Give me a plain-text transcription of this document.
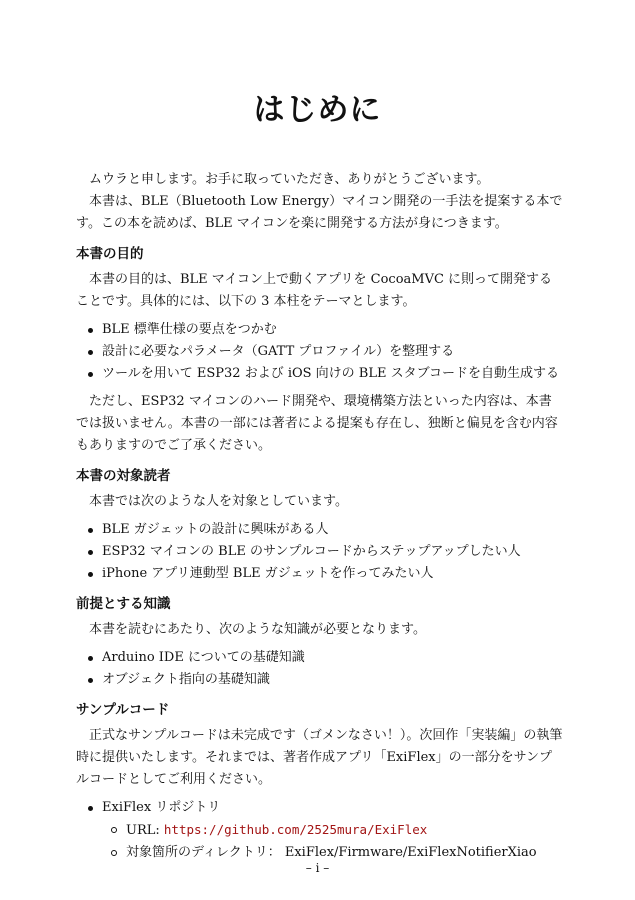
はじめに

ムウラと申します。お手に取っていただき、ありがとうございます。

本書は、BLE（Bluetooth Low Energy）マイコン開発の一手法を提案する本です。この本を読めば、BLE マイコンを楽に開発する方法が身につきます。

本書の目的

本書の目的は、BLE マイコン上で動くアプリを CocoaMVC に則って開発することです。具体的には、以下の 3 本柱をテーマとします。

BLE 標準仕様の要点をつかむ
設計に必要なパラメータ（GATT プロファイル）を整理する
ツールを用いて ESP32 および iOS 向けの BLE スタブコードを自動生成する

ただし、ESP32 マイコンのハード開発や、環境構築方法といった内容は、本書では扱いません。本書の一部には著者による提案も存在し、独断と偏見を含む内容もありますのでご了承ください。

本書の対象読者

本書では次のような人を対象としています。

BLE ガジェットの設計に興味がある人
ESP32 マイコンの BLE のサンプルコードからステップアップしたい人
iPhone アプリ連動型 BLE ガジェットを作ってみたい人
前提とする知識

本書を読むにあたり、次のような知識が必要となります。

Arduino IDE についての基礎知識
オブジェクト指向の基礎知識
サンプルコード

正式なサンプルコードは未完成です（ゴメンなさい！）。次回作「実装編」の執筆時に提供いたします。それまでは、著者作成アプリ「ExiFlex」の一部分をサンプルコードとしてご利用ください。

ExiFlex リポジトリ
URL: https://github.com/2525mura/ExiFlex
対象箇所のディレクトリ： ExiFlex/Firmware/ExiFlexNotifierXiao
– i –
